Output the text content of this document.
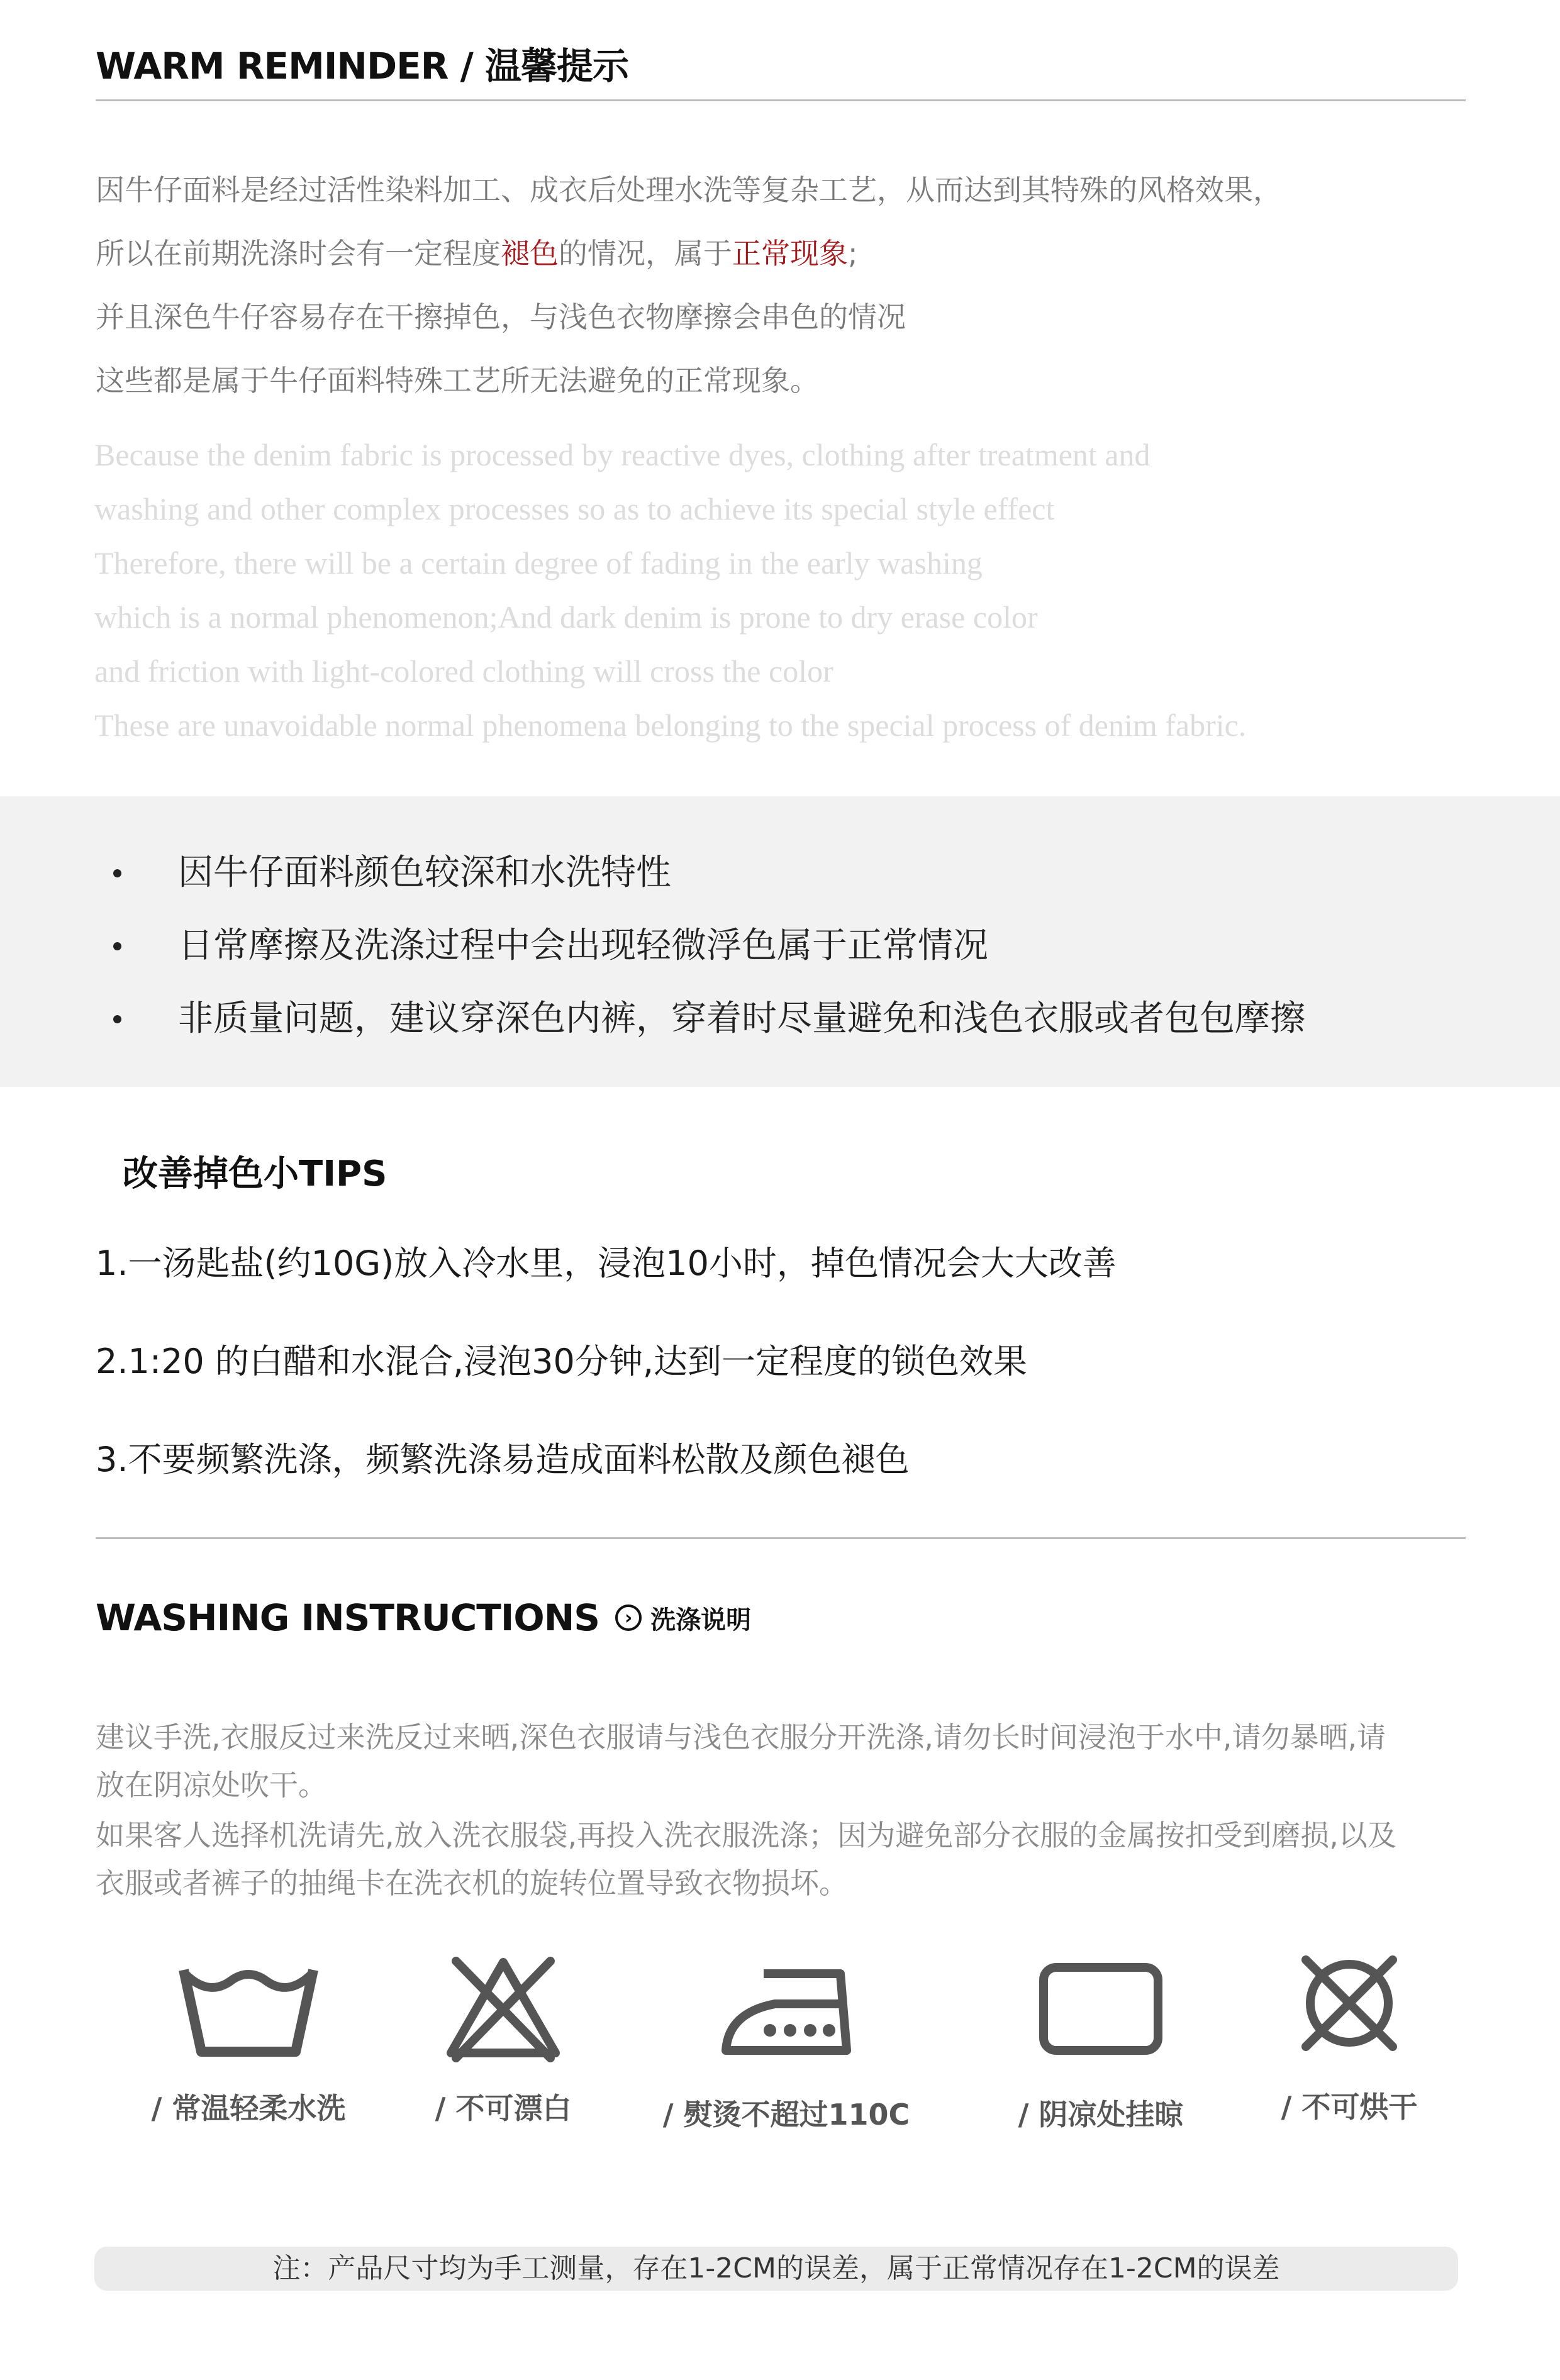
WARM REMINDER / 温馨提示
因牛仔面料是经过活性染料加工、成衣后处理水洗等复杂工艺，从而达到其特殊的风格效果，
所以在前期洗涤时会有一定程度褪色的情况，属于正常现象;
并且深色牛仔容易存在干擦掉色，与浅色衣物摩擦会串色的情况
这些都是属于牛仔面料特殊工艺所无法避免的正常现象。
Because the denim fabric is processed by reactive dyes, clothing after treatment and
washing and other complex processes so as to achieve its special style effect
Therefore, there will be a certain degree of fading in the early washing
which is a normal phenomenon;And dark denim is prone to dry erase color
and friction with light-colored clothing will cross the color
These are unavoidable normal phenomena belonging to the special process of denim fabric.
因牛仔面料颜色较深和水洗特性
日常摩擦及洗涤过程中会出现轻微浮色属于正常情况
非质量问题，建议穿深色内裤，穿着时尽量避免和浅色衣服或者包包摩擦
改善掉色小TIPS
1.一汤匙盐(约10G)放入冷水里，浸泡10小时，掉色情况会大大改善
2.1:20 的白醋和水混合,浸泡30分钟,达到一定程度的锁色效果
3.不要频繁洗涤，频繁洗涤易造成面料松散及颜色褪色
WASHING INSTRUCTIONS	› 洗涤说明
建议手洗,衣服反过来洗反过来晒,深色衣服请与浅色衣服分开洗涤,请勿长时间浸泡于水中,请勿暴晒,请
放在阴凉处吹干。
如果客人选择机洗请先,放入洗衣服袋,再投入洗衣服洗涤；因为避免部分衣服的金属按扣受到磨损,以及
衣服或者裤子的抽绳卡在洗衣机的旋转位置导致衣物损坏。
/ 常温轻柔水洗	/ 不可漂白	/ 熨烫不超过110C	/ 阴凉处挂晾	/ 不可烘干
注：产品尺寸均为手工测量，存在1-2CM的误差，属于正常情况存在1-2CM的误差
